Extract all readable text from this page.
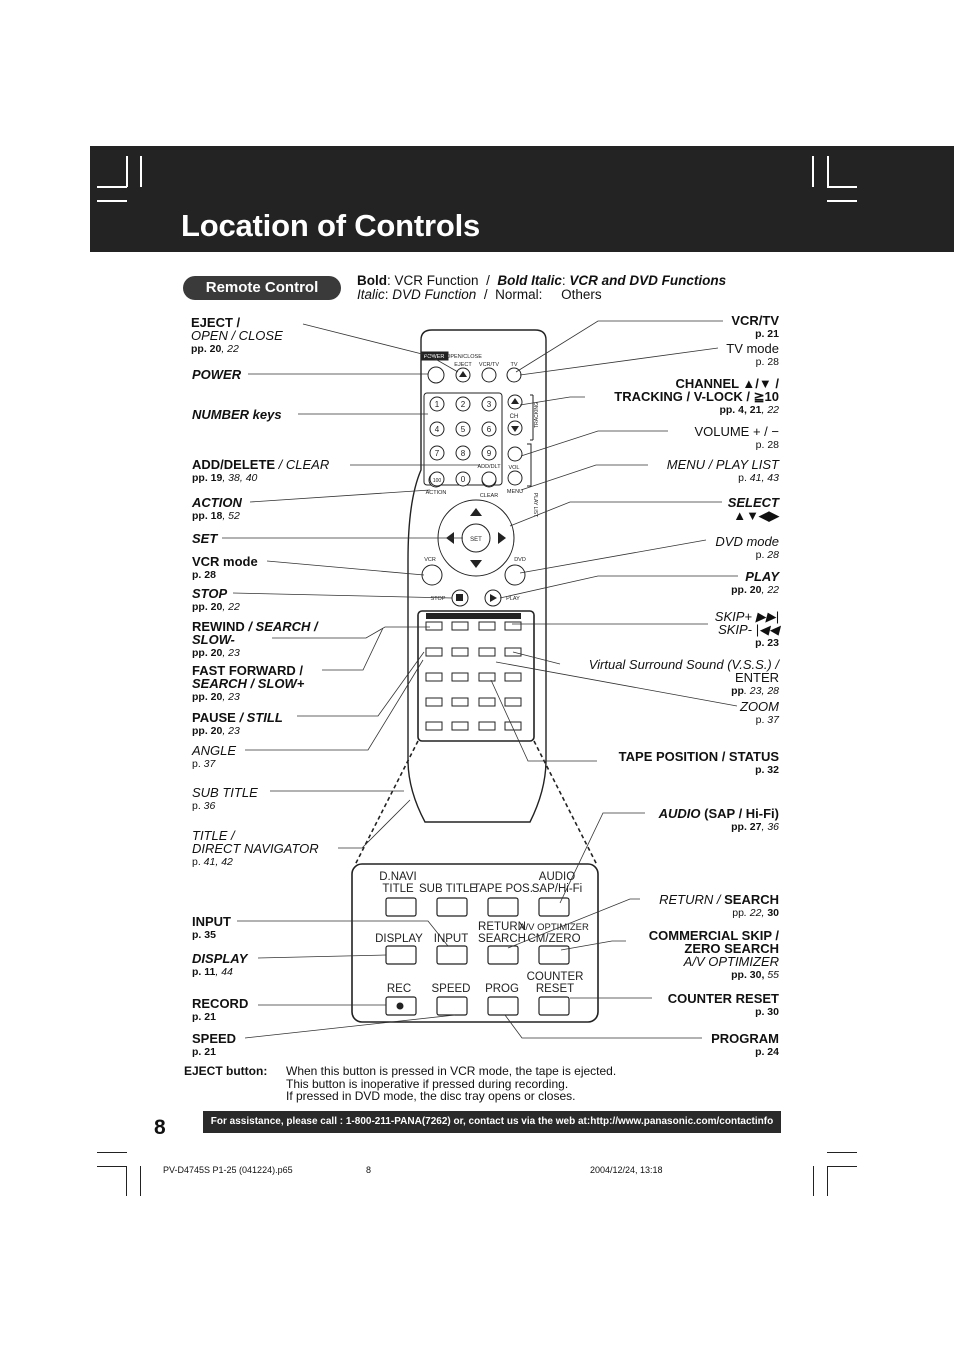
Location of Controls
Remote Control	Bold: VCR Function / Bold Italic: VCR and DVD Functions
Italic: DVD Function / Normal: Others
1	2	3
4	5	6
7	8	9
100 0
POWER OPEN/CLOSE
EJECT VCR/TV TV
CH
VOL
ADD/DLT
ACTION	CLEAR
MENU
SET
VCR	DVD
STOP	PLAY
TRACKING
PLAY LIST
D.NAVI
TITLE SUB TITLE
TAPE POS.
AUDIO
SAP/Hi-Fi
DISPLAY INPUT
RETURN
SEARCH
A/V OPTIMIZER
CM/ZERO
REC SPEED PROG
COUNTER
RESET
EJECT /
OPEN / CLOSE
pp. 20, 22
POWER
NUMBER keys
ADD/DELETE / CLEAR
pp. 19, 38, 40
ACTION
pp. 18, 52
SET
VCR mode
p. 28
STOP
pp. 20, 22
REWIND / SEARCH /
SLOW-
pp. 20, 23
FAST FORWARD /
SEARCH / SLOW+
pp. 20, 23
PAUSE / STILL
pp. 20, 23
ANGLE
p. 37
SUB TITLE
p. 36
TITLE /
DIRECT NAVIGATOR
p. 41, 42
INPUT
p. 35
DISPLAY
p. 11, 44
RECORD
p. 21
SPEED
p. 21
VCR/TV
p. 21
TV mode
p. 28
CHANNEL ▲/▼ /
TRACKING / V-LOCK / ≧10
pp. 4, 21, 22
VOLUME + / −
p. 28
MENU / PLAY LIST
p. 41, 43
SELECT
▲▼◀▶
DVD mode
p. 28
PLAY
pp. 20, 22
SKIP+ ▶▶|
SKIP- |◀◀
p. 23
Virtual Surround Sound (V.S.S.) /
ENTER
pp. 23, 28
ZOOM
p. 37
TAPE POSITION / STATUS
p. 32
AUDIO (SAP / Hi-Fi)
pp. 27, 36
RETURN / SEARCH
pp. 22, 30
COMMERCIAL SKIP /
ZERO SEARCH
A/V OPTIMIZER
pp. 30, 55
COUNTER RESET
p. 30
PROGRAM
p. 24
EJECT button: When this button is pressed in VCR mode, the tape is ejected.
This button is inoperative if pressed during recording.
If pressed in DVD mode, the disc tray opens or closes.
8	For assistance, please call : 1-800-211-PANA(7262) or, contact us via the web at:http://www.panasonic.com/contactinfo
PV-D4745S P1-25 (041224).p65	8	2004/12/24, 13:18
